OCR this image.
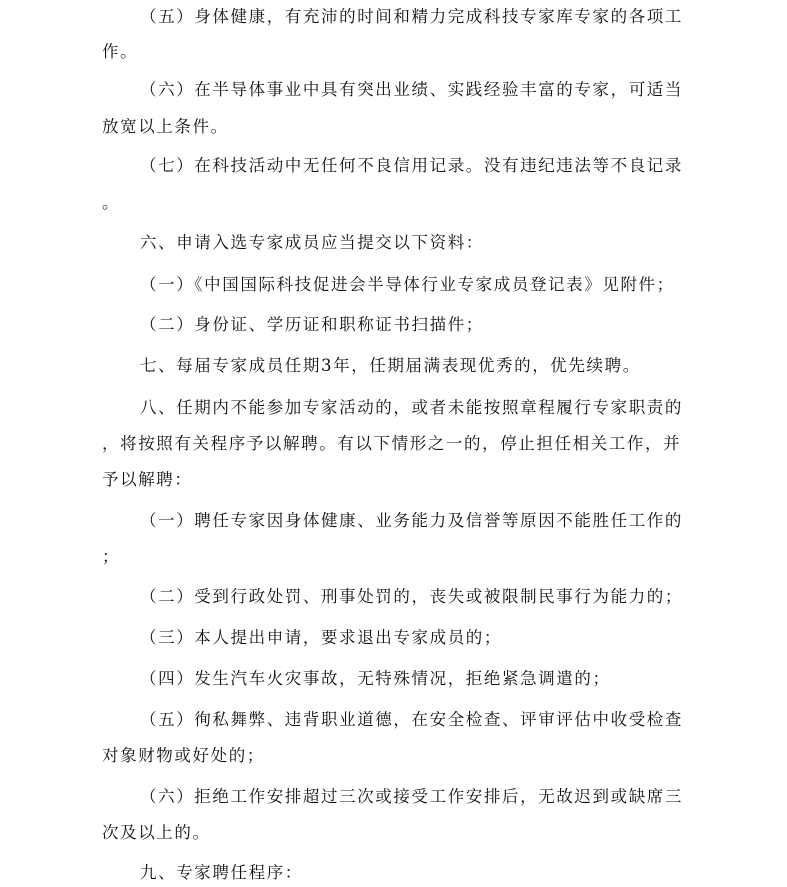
（五）身体健康，有充沛的时间和精力完成科技专家库专家的各项工

作。

（六）在半导体事业中具有突出业绩、实践经验丰富的专家，可适当

放宽以上条件。

（七）在科技活动中无任何不良信用记录。没有违纪违法等不良记录

。

六、申请入选专家成员应当提交以下资料：

（一）《中国国际科技促进会半导体行业专家成员登记表》见附件；

（二）身份证、学历证和职称证书扫描件；

七、每届专家成员任期3年，任期届满表现优秀的，优先续聘。

八、任期内不能参加专家活动的，或者未能按照章程履行专家职责的

，将按照有关程序予以解聘。有以下情形之一的，停止担任相关工作，并

予以解聘：

（一）聘任专家因身体健康、业务能力及信誉等原因不能胜任工作的

；

（二）受到行政处罚、刑事处罚的，丧失或被限制民事行为能力的；

（三）本人提出申请，要求退出专家成员的；

（四）发生汽车火灾事故，无特殊情况，拒绝紧急调遣的；

（五）徇私舞弊、违背职业道德，在安全检查、评审评估中收受检查

对象财物或好处的；

（六）拒绝工作安排超过三次或接受工作安排后，无故迟到或缺席三

次及以上的。

九、专家聘任程序：
